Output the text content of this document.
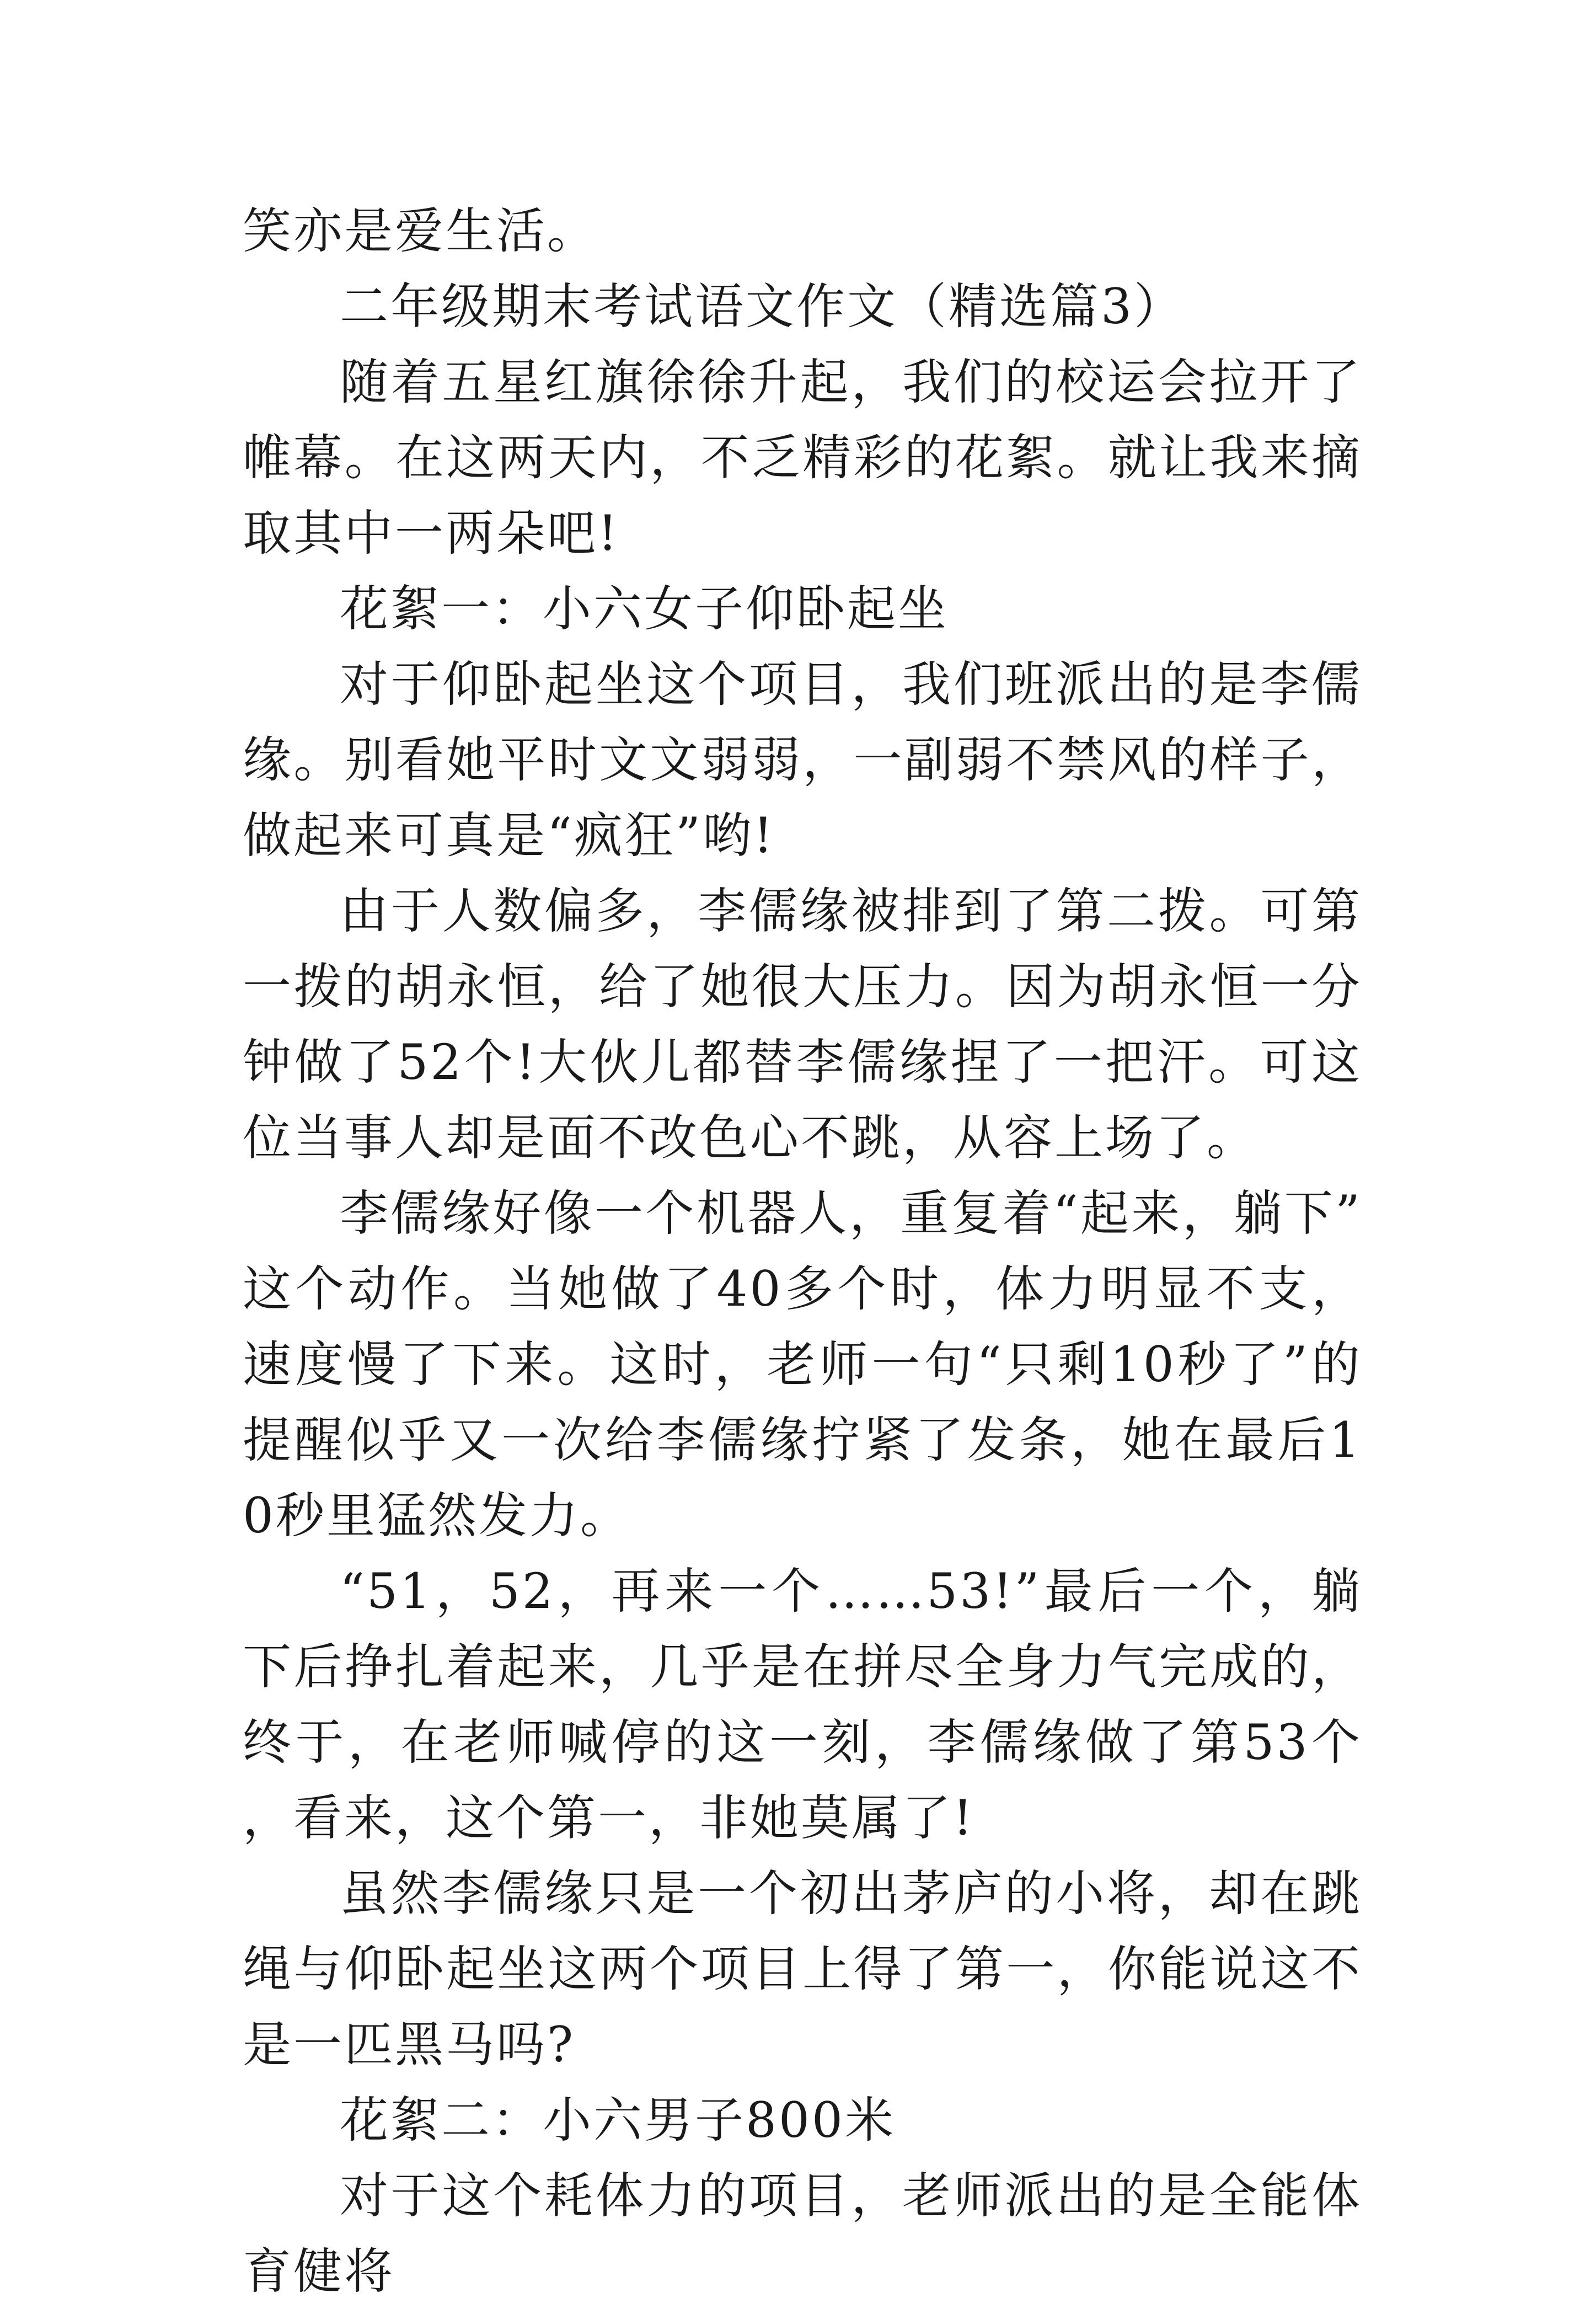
笑亦是爱生活。

二年级期末考试语文作文（精选篇3）

随着五星红旗徐徐升起，我们的校运会拉开了帷幕。在这两天内，不乏精彩的花絮。就让我来摘取其中一两朵吧!

花絮一：小六女子仰卧起坐

对于仰卧起坐这个项目，我们班派出的是李儒缘。别看她平时文文弱弱，一副弱不禁风的样子，做起来可真是“疯狂”哟!

由于人数偏多，李儒缘被排到了第二拨。可第一拨的胡永恒，给了她很大压力。因为胡永恒一分钟做了52个!大伙儿都替李儒缘捏了一把汗。可这位当事人却是面不改色心不跳，从容上场了。

李儒缘好像一个机器人，重复着“起来，躺下”这个动作。当她做了40多个时，体力明显不支，速度慢了下来。这时，老师一句“只剩10秒了”的提醒似乎又一次给李儒缘拧紧了发条，她在最后10秒里猛然发力。

“51，52，再来一个……53!”最后一个，躺下后挣扎着起来，几乎是在拼尽全身力气完成的，终于，在老师喊停的这一刻，李儒缘做了第53个，看来，这个第一，非她莫属了!

虽然李儒缘只是一个初出茅庐的小将，却在跳绳与仰卧起坐这两个项目上得了第一，你能说这不是一匹黑马吗?

花絮二：小六男子800米

对于这个耗体力的项目，老师派出的是全能体育健将
